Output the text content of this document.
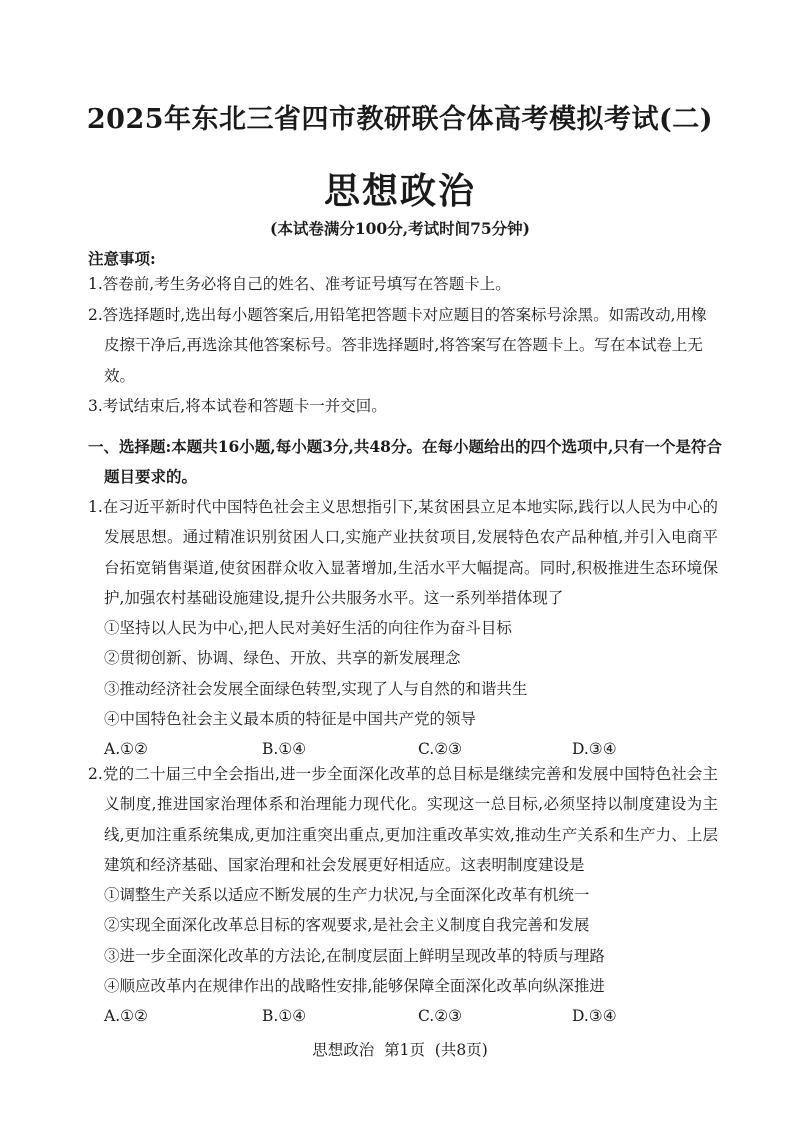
2025年东北三省四市教研联合体高考模拟考试(二)
思想政治
(本试卷满分100分,考试时间75分钟)
注意事项:

1.答卷前,考生务必将自己的姓名、准考证号填写在答题卡上。

2.答选择题时,选出每小题答案后,用铅笔把答题卡对应题目的答案标号涂黑。如需改动,用橡皮擦干净后,再选涂其他答案标号。答非选择题时,将答案写在答题卡上。写在本试卷上无效。

3.考试结束后,将本试卷和答题卡一并交回。

一、选择题:本题共16小题,每小题3分,共48分。在每小题给出的四个选项中,只有一个是符合题目要求的。

1.在习近平新时代中国特色社会主义思想指引下,某贫困县立足本地实际,践行以人民为中心的发展思想。通过精准识别贫困人口,实施产业扶贫项目,发展特色农产品种植,并引入电商平台拓宽销售渠道,使贫困群众收入显著增加,生活水平大幅提高。同时,积极推进生态环境保护,加强农村基础设施建设,提升公共服务水平。这一系列举措体现了

①坚持以人民为中心,把人民对美好生活的向往作为奋斗目标

②贯彻创新、协调、绿色、开放、共享的新发展理念

③推动经济社会发展全面绿色转型,实现了人与自然的和谐共生

④中国特色社会主义最本质的特征是中国共产党的领导

A.①②	B.①④	C.②③	D.③④

2.党的二十届三中全会指出,进一步全面深化改革的总目标是继续完善和发展中国特色社会主义制度,推进国家治理体系和治理能力现代化。实现这一总目标,必须坚持以制度建设为主线,更加注重系统集成,更加注重突出重点,更加注重改革实效,推动生产关系和生产力、上层建筑和经济基础、国家治理和社会发展更好相适应。这表明制度建设是

①调整生产关系以适应不断发展的生产力状况,与全面深化改革有机统一

②实现全面深化改革总目标的客观要求,是社会主义制度自我完善和发展

③进一步全面深化改革的方法论,在制度层面上鲜明呈现改革的特质与理路

④顺应改革内在规律作出的战略性安排,能够保障全面深化改革向纵深推进

A.①②	B.①④	C.②③	D.③④
思想政治  第1页  (共8页)
